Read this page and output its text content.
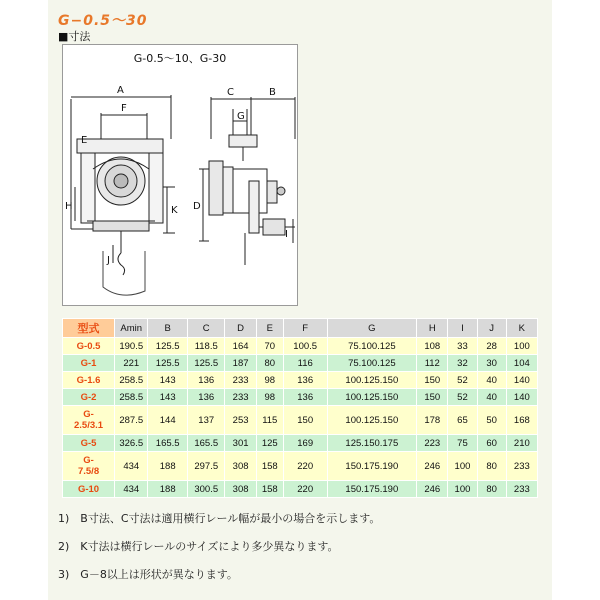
G−0.5〜30
■寸法
G-0.5〜10、G-30
A
F
E
H	K
J
C	B
G
D
I
型式	Amin	B	C	D	E	F	G	H	I	J	K
G-0.5	190.5	125.5	118.5	164	70	100.5	75.100.125	108	33	28	100
G-1	221	125.5	125.5	187	80	116	75.100.125	112	32	30	104
G-1.6	258.5	143	136	233	98	136	100.125.150	150	52	40	140
G-2	258.5	143	136	233	98	136	100.125.150	150	52	40	140
G-
2.5/3.1	287.5	144	137	253	115	150	100.125.150	178	65	50	168
G-5	326.5	165.5	165.5	301	125	169	125.150.175	223	75	60	210
G-
7.5/8	434	188	297.5	308	158	220	150.175.190	246	100	80	233
G-10	434	188	300.5	308	158	220	150.175.190	246	100	80	233
1)　B寸法、C寸法は適用横行レール幅が最小の場合を示します。
2)　K寸法は横行レールのサイズにより多少異なります。
3)　G－8以上は形状が異なります。
